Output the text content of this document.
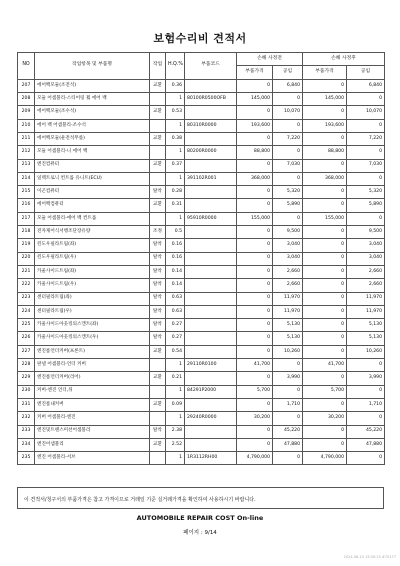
보험수리비 견적서
NO	작업항목 및 부품명	작업	H.Q.%	부품코드	손해 사정전		손해 사정후	
					부품가격	공임	부품가격	공임
207	에어백모듈(조전석)	교환	0.36		0	6,840	0	6,840
208	모듈 어셈블리-스티어링 휠 에어 백		1	80100R0500OFB	145,000	0	145,000	0
209	에어백모듈(조수석)	교환	0.53		0	10,070	0	10,070
210	에어 백 어셈블리-조수석		1	80310R0000	193,600	0	193,600	0
211	에어백모듈(운전석무릎)	교환	0.38		0	7,220	0	7,220
212	모듈 어셈블리-니 에어 백		1	80200R0000	88,800	0	88,800	0
213	엔진컴퓨터	교환	0.37		0	7,030	0	7,030
214	일렉트로닉 컨트롤 유니트(ECU)		1	391102R001	368,000	0	368,000	0
215	이곤컴퓨터	탈착	0.28		0	5,320	0	5,320
216	에어백컴퓨터	교환	0.31		0	5,890	0	5,890
217	모듈 어셈블리-에어 백 컨트롤		1	95910R0000	155,000	0	155,000	0
218	전자제어식서행조단장유량	조정	0.5		0	9,500	0	9,500
219	윈도우필라트림(좌)	탈착	0.16		0	3,040	0	3,040
220	윈도우필라트림(우)	탈착	0.16		0	3,040	0	3,040
221	카울사이드트림(좌)	탈착	0.14		0	2,660	0	2,660
222	카울사이드트림(우)	탈착	0.14		0	2,660	0	2,660
223	센터필라트림(좌)	탈착	0.63		0	11,970	0	11,970
224	센터필라트림(우)	탈착	0.63		0	11,970	0	11,970
225	카울사이드아웃킹의스캔트(좌)	탈착	0.27		0	5,130	0	5,130
226	카울사이드아웃킹의스캔트(우)	탈착	0.27		0	5,130	0	5,130
227	엔진룸언더커버(프론트)	교환	0.54		0	10,260	0	10,260
228	판넬 어셈블리-언더 커버		1	29110R0100	41,700	0	41,700	0
229	엔진룸언더커버(리어)	교환	0.21		0	3,990	0	3,990
230	커버-엔진 언더,뒤		1	84291P2000	5,700	0	5,700	0
231	엔진룸내커버	교환	0.09		0	1,710	0	1,710
232	커버 어셈블리-엔진		1	29240R0000	30,200	0	30,200	0
233	엔진및트랜스미션어셈블리	탈착	2.38		0	45,220	0	45,220
234	엔진어셈블리	교환	2.52		0	47,880	0	47,880
235	엔진 어셈블리-서브		1	1R3112RH00	4,790,000	0	4,790,000	0
이 견적서/청구서의 부품가격은 참고 가격이므로 거래일 기준 실거래가격을 확인하여 사용하시기 바랍니다.
AUTOMOBILE REPAIR COST On-line
페이지 : 9/14
2024-08-15 15:30:25 #70177
